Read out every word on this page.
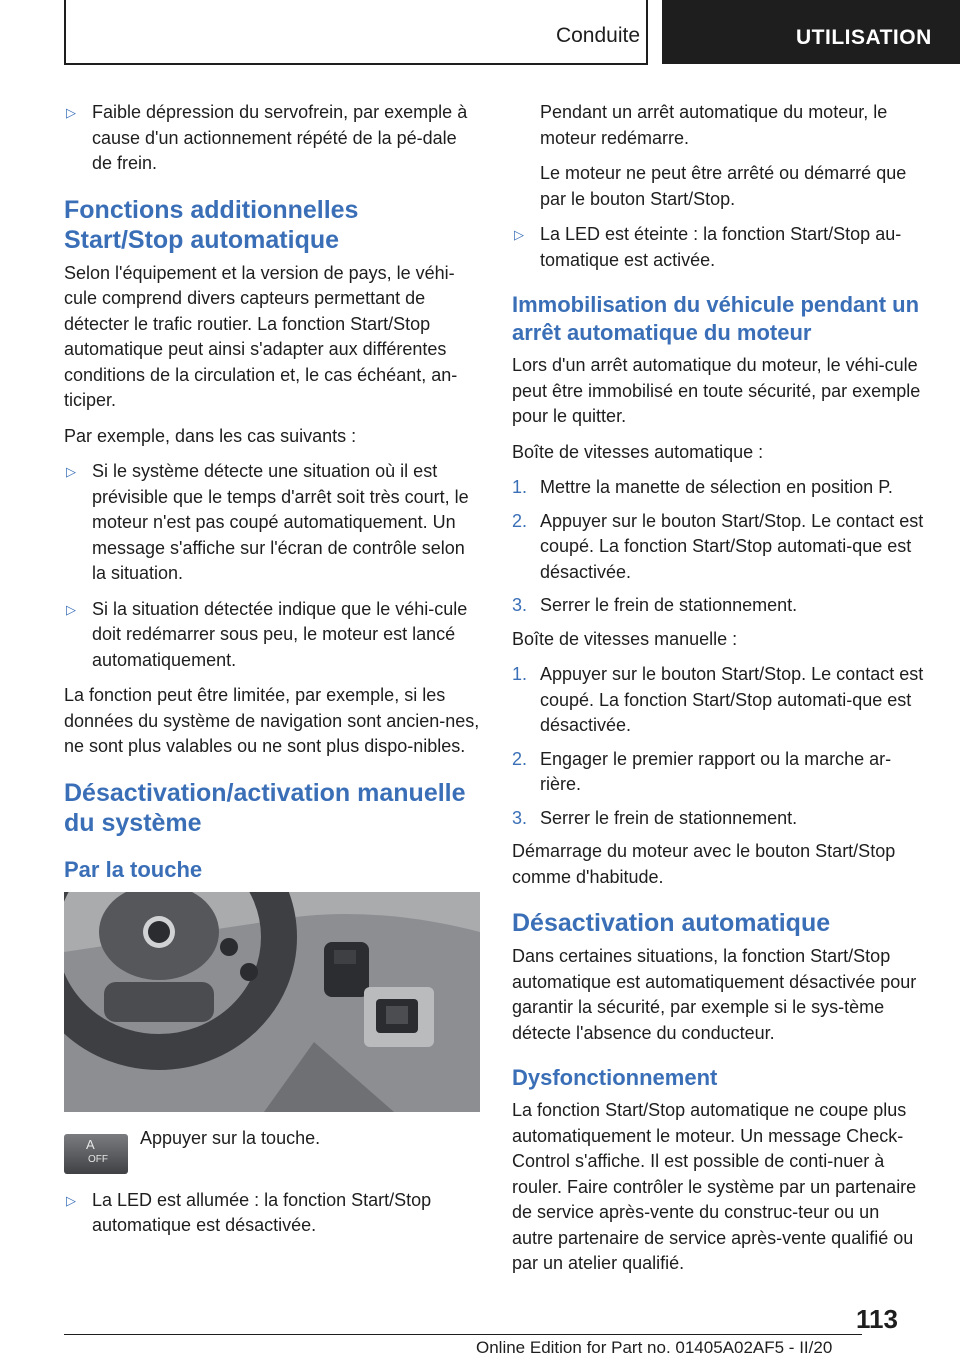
Conduite	UTILISATION
▷ Faible dépression du servofrein, par exemple à cause d'un actionnement répété de la pé‐dale de frein.
Fonctions additionnelles Start/Stop automatique

Selon l'équipement et la version de pays, le véhi‐cule comprend divers capteurs permettant de détecter le trafic routier. La fonction Start/Stop automatique peut ainsi s'adapter aux différentes conditions de la circulation et, le cas échéant, an‐ticiper.

Par exemple, dans les cas suivants :

▷ Si le système détecte une situation où il est prévisible que le temps d'arrêt soit très court, le moteur n'est pas coupé automatiquement. Un message s'affiche sur l'écran de contrôle selon la situation.
▷ Si la situation détectée indique que le véhi‐cule doit redémarrer sous peu, le moteur est lancé automatiquement.

La fonction peut être limitée, par exemple, si les données du système de navigation sont ancien‐nes, ne sont plus valables ou ne sont plus dispo‐nibles.

Désactivation/activation manuelle du système
Par la touche
A
OFF
Appuyer sur la touche.
▷ La LED est allumée : la fonction Start/Stop automatique est désactivée.

Pendant un arrêt automatique du moteur, le moteur redémarre.

Le moteur ne peut être arrêté ou démarré que par le bouton Start/Stop.

▷ La LED est éteinte : la fonction Start/Stop au‐tomatique est activée.
Immobilisation du véhicule pendant un arrêt automatique du moteur

Lors d'un arrêt automatique du moteur, le véhi‐cule peut être immobilisé en toute sécurité, par exemple pour le quitter.

Boîte de vitesses automatique :

1. Mettre la manette de sélection en position P.
2. Appuyer sur le bouton Start/Stop. Le contact est coupé. La fonction Start/Stop automati‐que est désactivée.
3. Serrer le frein de stationnement.

Boîte de vitesses manuelle :

1. Appuyer sur le bouton Start/Stop. Le contact est coupé. La fonction Start/Stop automati‐que est désactivée.
2. Engager le premier rapport ou la marche ar‐rière.
3. Serrer le frein de stationnement.

Démarrage du moteur avec le bouton Start/Stop comme d'habitude.

Désactivation automatique

Dans certaines situations, la fonction Start/Stop automatique est automatiquement désactivée pour garantir la sécurité, par exemple si le sys‐tème détecte l'absence du conducteur.

Dysfonctionnement

La fonction Start/Stop automatique ne coupe plus automatiquement le moteur. Un message Check-Control s'affiche. Il est possible de conti‐nuer à rouler. Faire contrôler le système par un partenaire de service après-vente du construc‐teur ou un autre partenaire de service après-vente qualifié ou par un atelier qualifié.

113
Online Edition for Part no. 01405A02AF5 - II/20
